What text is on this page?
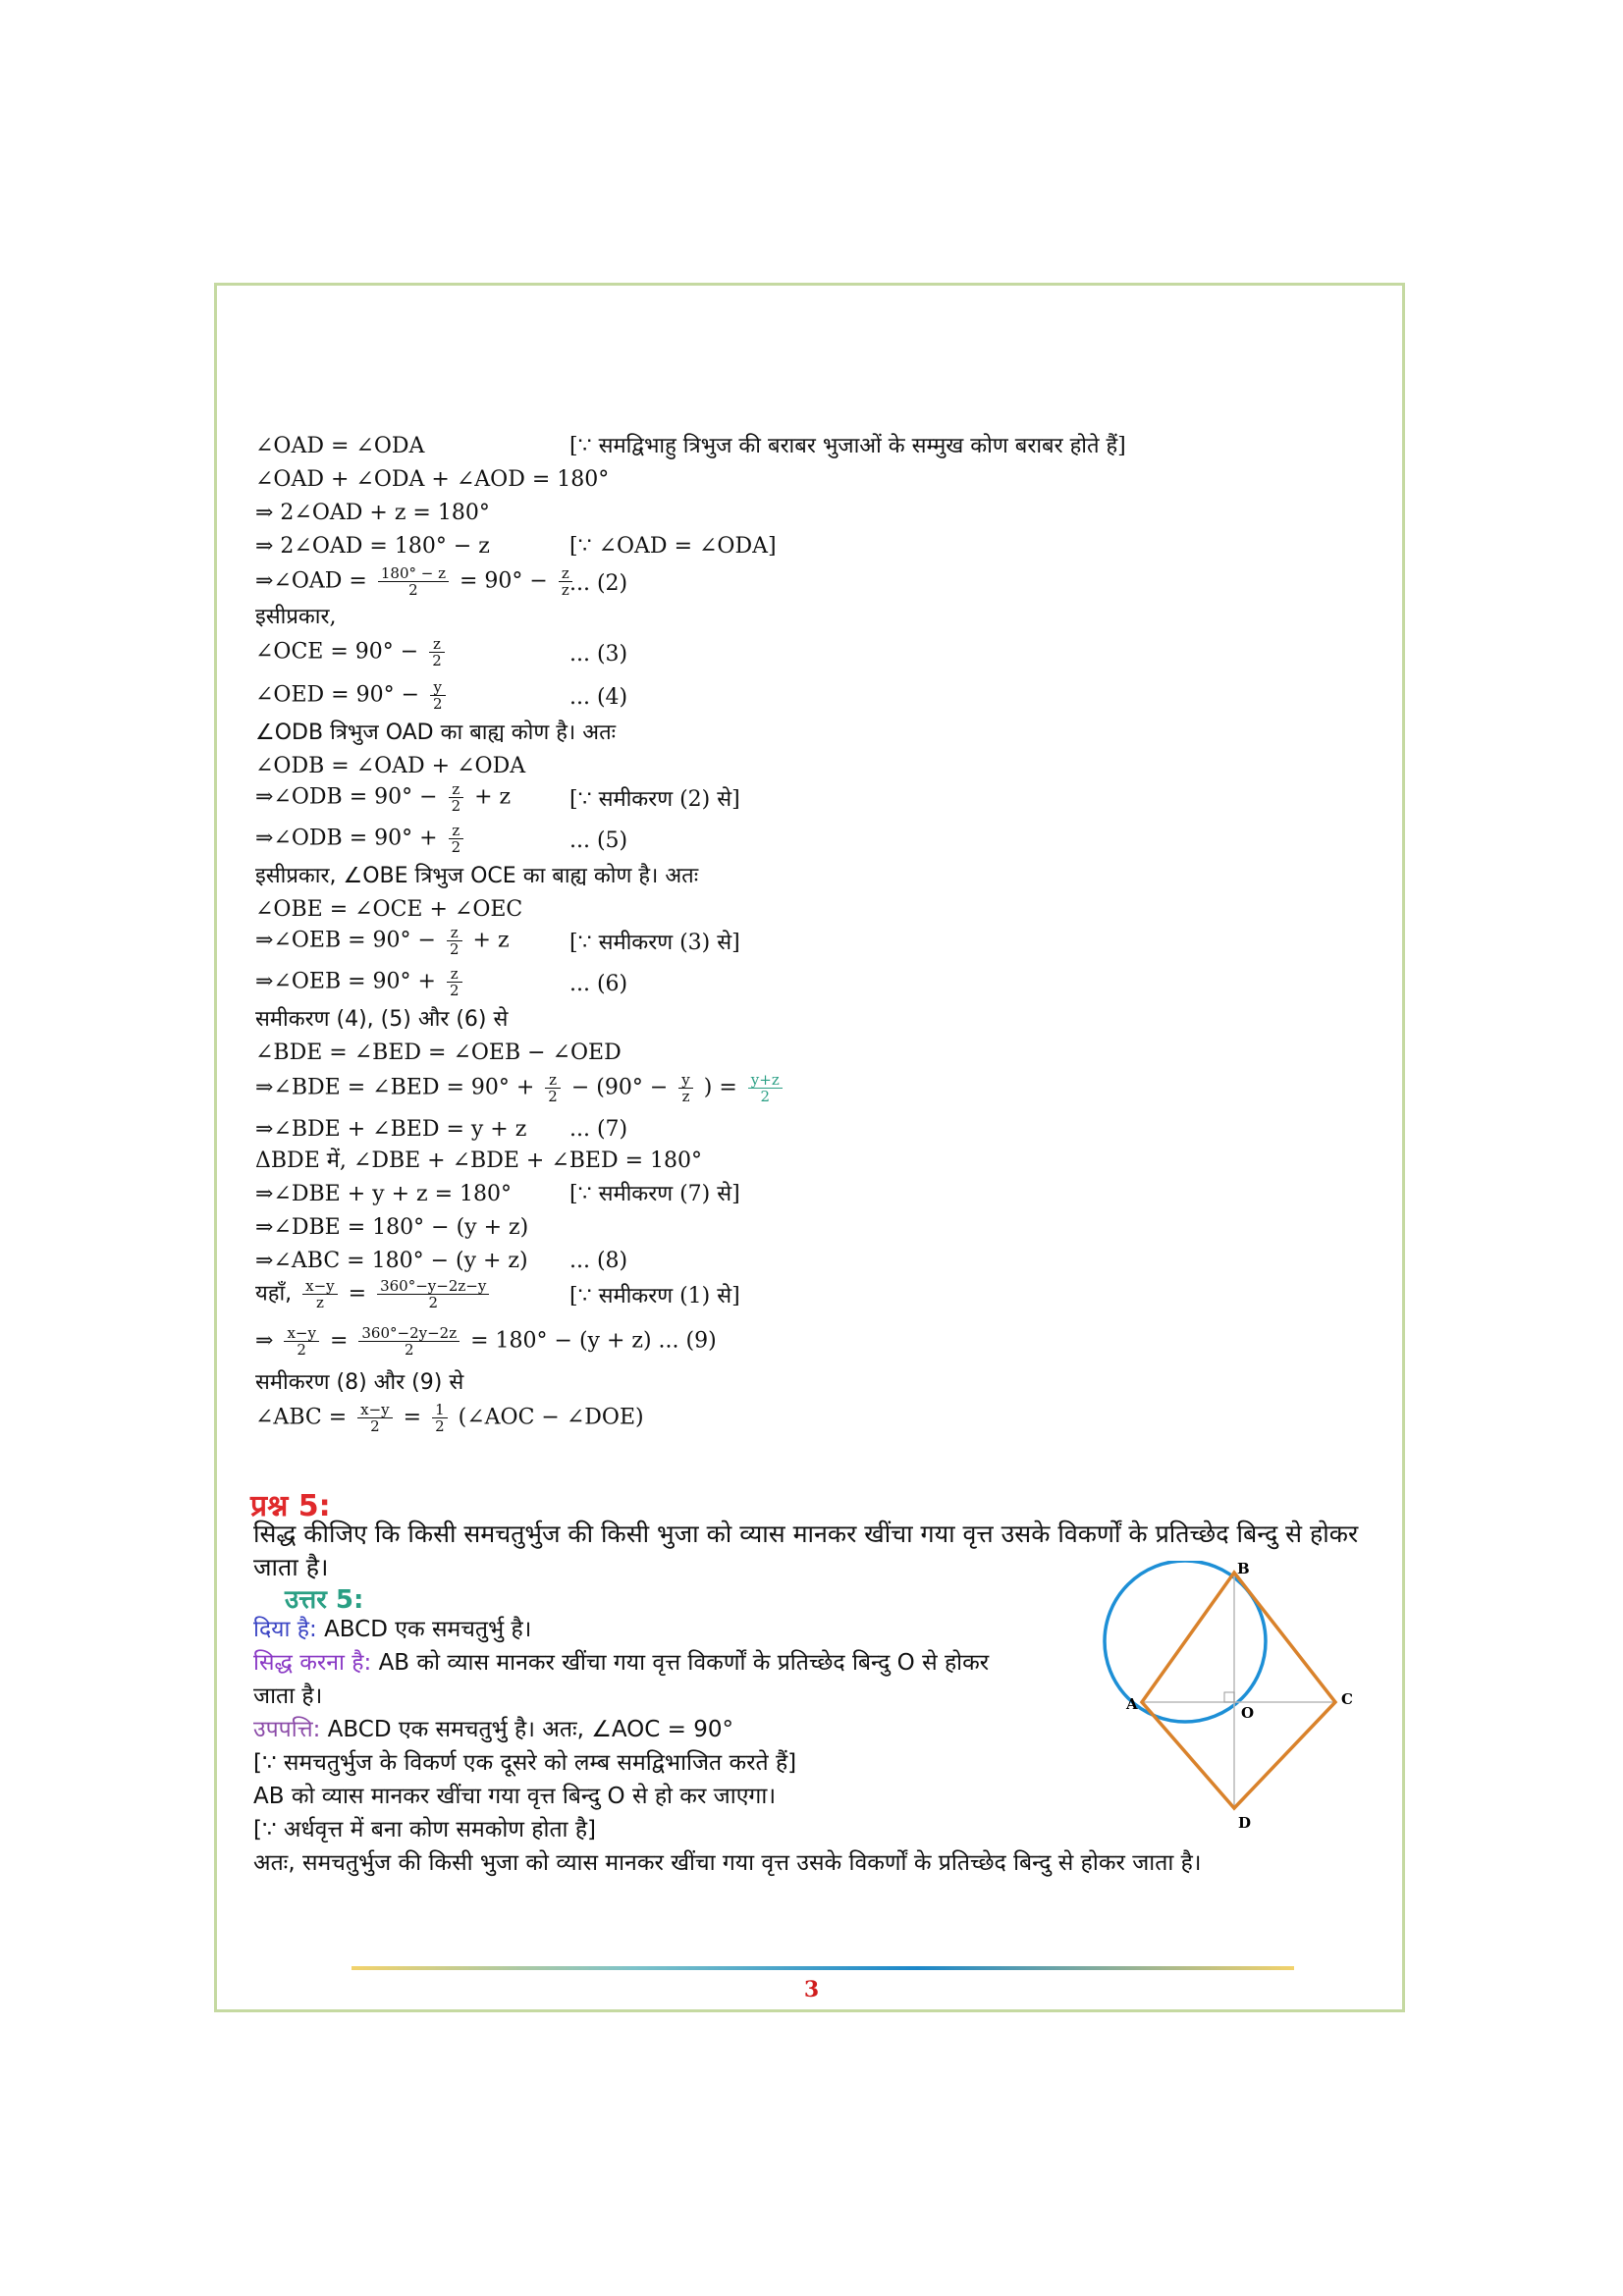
∠OAD = ∠ODA	[∵ समद्विभाहु त्रिभुज की बराबर भुजाओं के सम्मुख कोण बराबर होते हैं]
∠OAD + ∠ODA + ∠AOD = 180°
⇒ 2∠OAD + z = 180°
⇒ 2∠OAD = 180° − z	[∵ ∠OAD = ∠ODA]
⇒∠OAD = $\frac{180^\circ - z}{2} = 90^\circ - \frac{z}{z}$
... (2)
इसीप्रकार,
∠OCE = $90^\circ - \frac{z}{2}$	... (3)
∠OED = $90^\circ - \frac{y}{2}$	... (4)
∠ODB त्रिभुज OAD का बाह्य कोण है। अतः
∠ODB = ∠OAD + ∠ODA
⇒∠ODB = $90^\circ - \frac{z}{2} + z$	[∵ समीकरण (2) से]
⇒∠ODB = $90^\circ + \frac{z}{2}$	... (5)
इसीप्रकार, ∠OBE त्रिभुज OCE का बाह्य कोण है। अतः
∠OBE = ∠OCE + ∠OEC
⇒∠OEB = $90^\circ - \frac{z}{2} + z$	[∵ समीकरण (3) से]
⇒∠OEB = $90^\circ + \frac{z}{2}$	... (6)
समीकरण (4), (5) और (6) से
∠BDE = ∠BED = ∠OEB − ∠OED
⇒∠BDE = ∠BED = $90^\circ + \frac{z}{2} - (90^\circ - \frac{y}{z}$ ) = $\frac{y+z}{2}$
⇒∠BDE + ∠BED = y + z ... (7)
ΔBDE में, ∠DBE + ∠BDE + ∠BED = 180°
⇒∠DBE + y + z = 180°	[∵ समीकरण (7) से]
⇒∠DBE = 180° − (y + z)
⇒∠ABC = 180° − (y + z) ... (8)
यहाँ, $\frac{x-y}{z} = \frac{360^\circ-y-2z-y}{2}$	[∵ समीकरण (1) से]
⇒ $\frac{x-y}{2} = \frac{360^\circ-2y-2z}{2} = 180^\circ - (y + z)$ ... (9)
समीकरण (8) और (9) से
∠ABC = $\frac{x-y}{2} = \frac{1}{2}$ (∠AOC − ∠DOE)
प्रश्न 5:
सिद्ध कीजिए कि किसी समचतुर्भुज की किसी भुजा को व्यास मानकर खींचा गया वृत्त उसके विकर्णों के प्रतिच्छेद बिन्दु से होकर जाता है।
उत्तर 5:
दिया है: ABCD एक समचतुर्भु है।
सिद्ध करना है: AB को व्यास मानकर खींचा गया वृत्त विकर्णों के प्रतिच्छेद बिन्दु O से होकर
जाता है।
उपपत्ति: ABCD एक समचतुर्भु है। अतः, ∠AOC = 90°
[∵ समचतुर्भुज के विकर्ण एक दूसरे को लम्ब समद्विभाजित करते हैं]
AB को व्यास मानकर खींचा गया वृत्त बिन्दु O से हो कर जाएगा।
[∵ अर्धवृत्त में बना कोण समकोण होता है]
अतः, समचतुर्भुज की किसी भुजा को व्यास मानकर खींचा गया वृत्त उसके विकर्णों के प्रतिच्छेद बिन्दु से होकर जाता है।
A
B
C
D
O
3
